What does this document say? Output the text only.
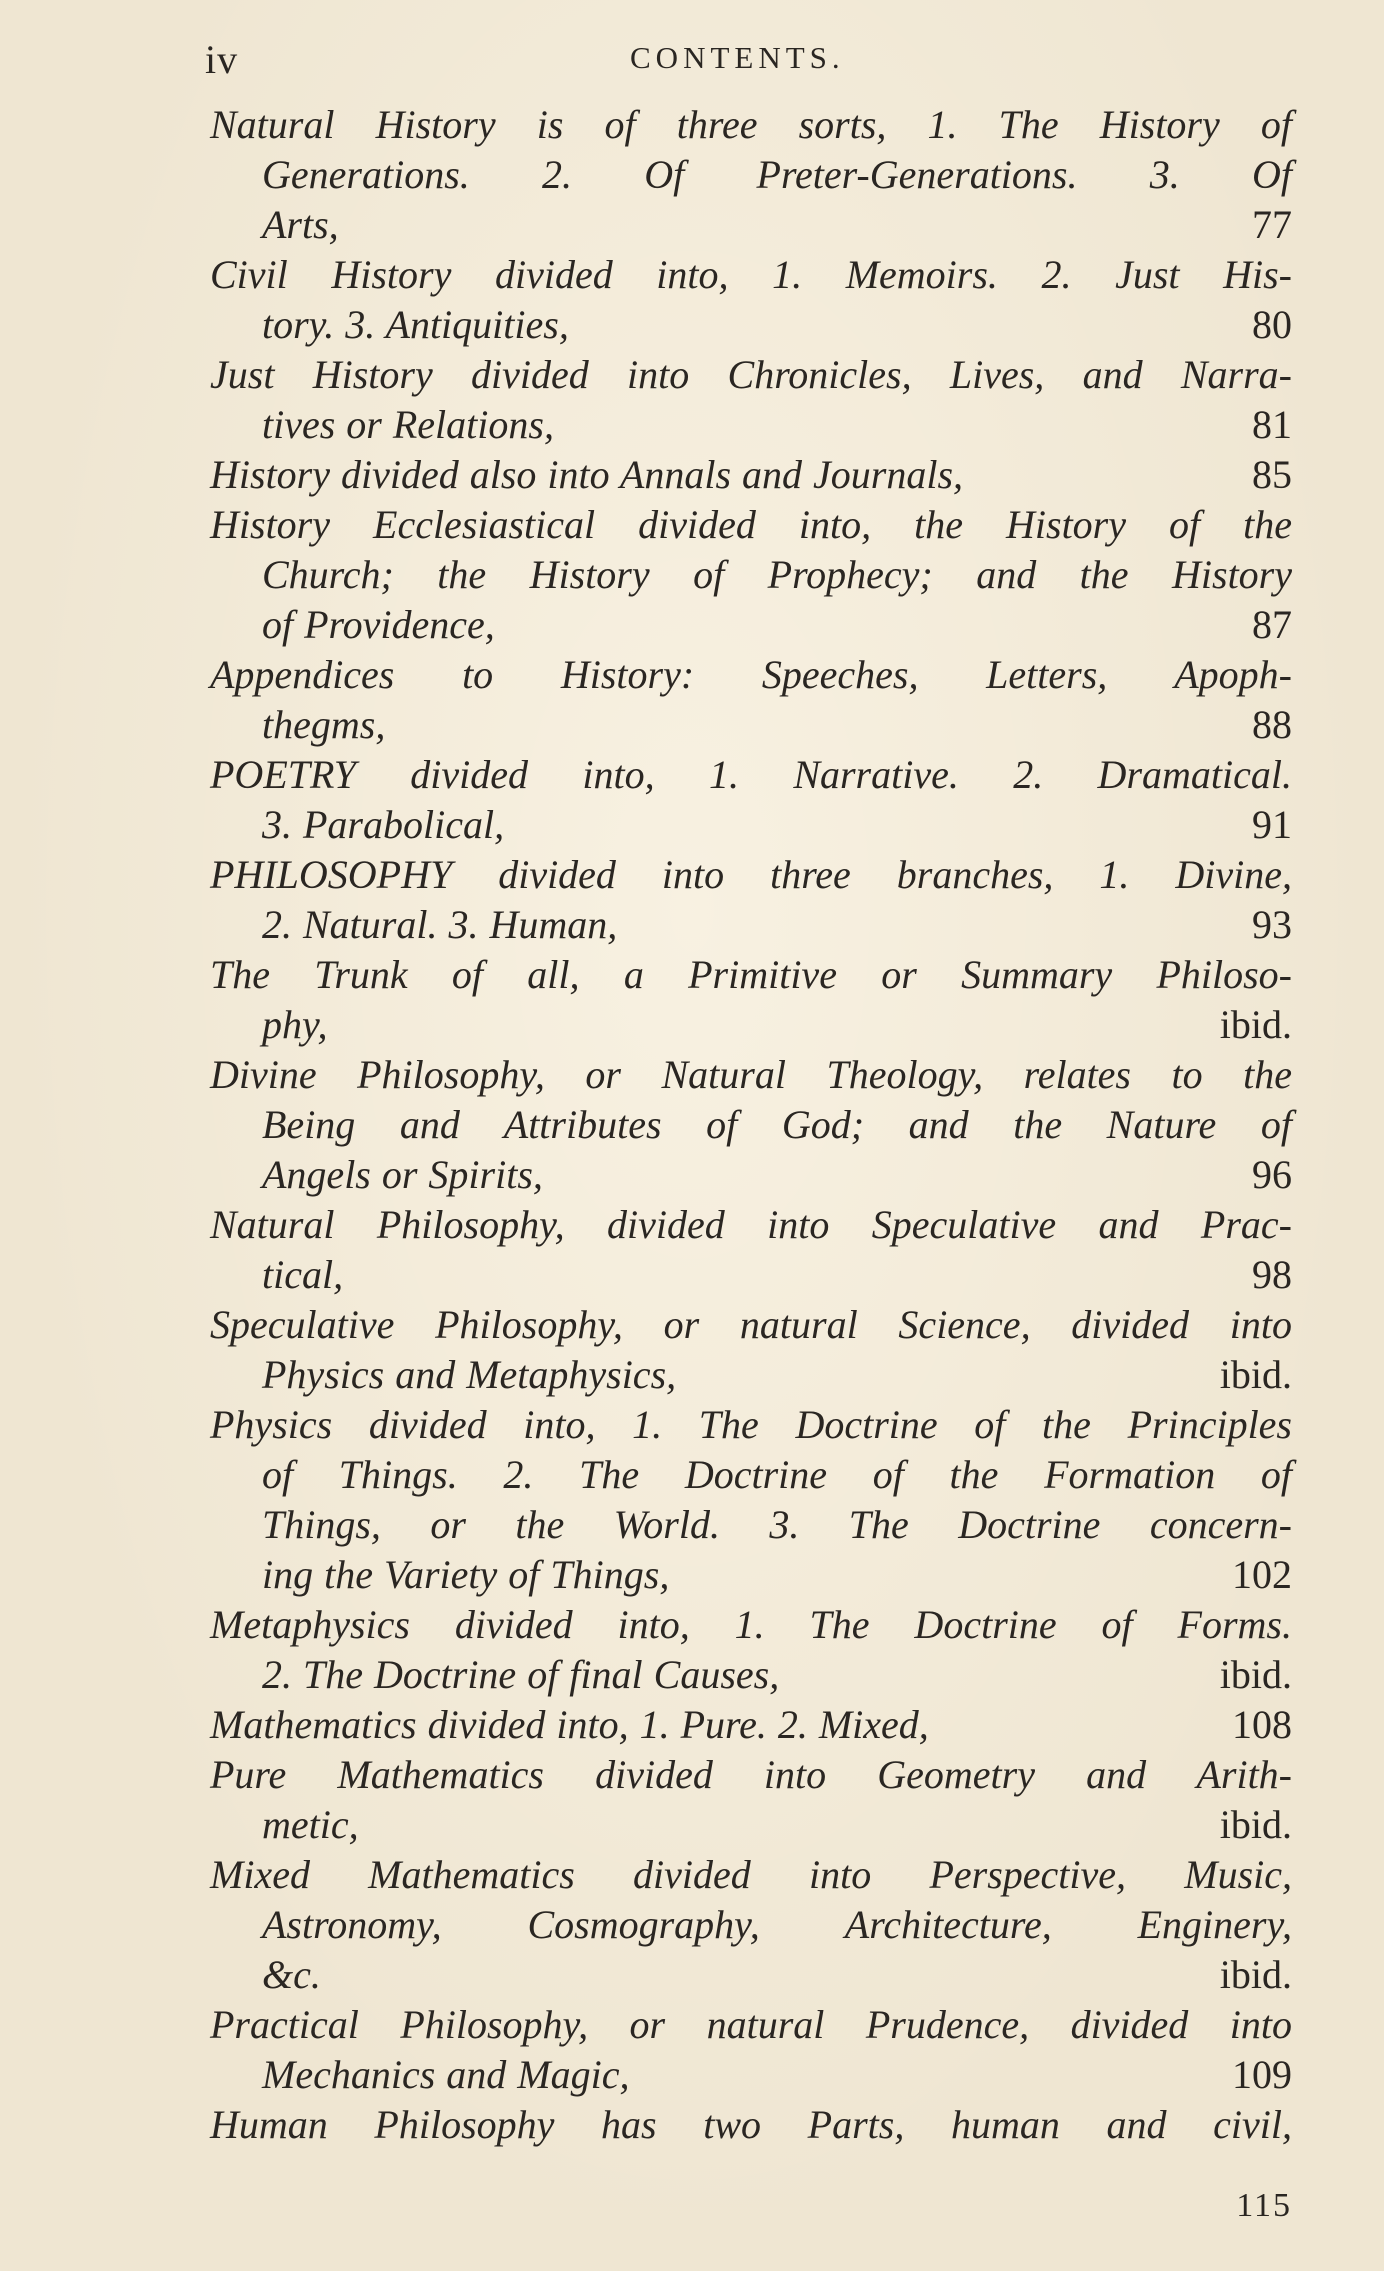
iv	CONTENTS.
Natural History is of three sorts, 1. The History of
Generations. 2. Of Preter-Generations. 3. Of
Arts,	77
Civil History divided into, 1. Memoirs. 2. Just His-
tory. 3. Antiquities,	80
Just History divided into Chronicles, Lives, and Narra-
tives or Relations,	81
History divided also into Annals and Journals,	85
History Ecclesiastical divided into, the History of the
Church; the History of Prophecy; and the History
of Providence,	87
Appendices to History: Speeches, Letters, Apoph-
thegms,	88
POETRY divided into, 1. Narrative. 2. Dramatical.
3. Parabolical,	91
PHILOSOPHY divided into three branches, 1. Divine,
2. Natural. 3. Human,	93
The Trunk of all, a Primitive or Summary Philoso-
phy,	ibid.
Divine Philosophy, or Natural Theology, relates to the
Being and Attributes of God; and the Nature of
Angels or Spirits,	96
Natural Philosophy, divided into Speculative and Prac-
tical,	98
Speculative Philosophy, or natural Science, divided into
Physics and Metaphysics,	ibid.
Physics divided into, 1. The Doctrine of the Principles
of Things. 2. The Doctrine of the Formation of
Things, or the World. 3. The Doctrine concern-
ing the Variety of Things,	102
Metaphysics divided into, 1. The Doctrine of Forms.
2. The Doctrine of final Causes,	ibid.
Mathematics divided into, 1. Pure. 2. Mixed,	108
Pure Mathematics divided into Geometry and Arith-
metic,	ibid.
Mixed Mathematics divided into Perspective, Music,
Astronomy, Cosmography, Architecture, Enginery,
&c.	ibid.
Practical Philosophy, or natural Prudence, divided into
Mechanics and Magic,	109
Human Philosophy has two Parts, human and civil,
115
